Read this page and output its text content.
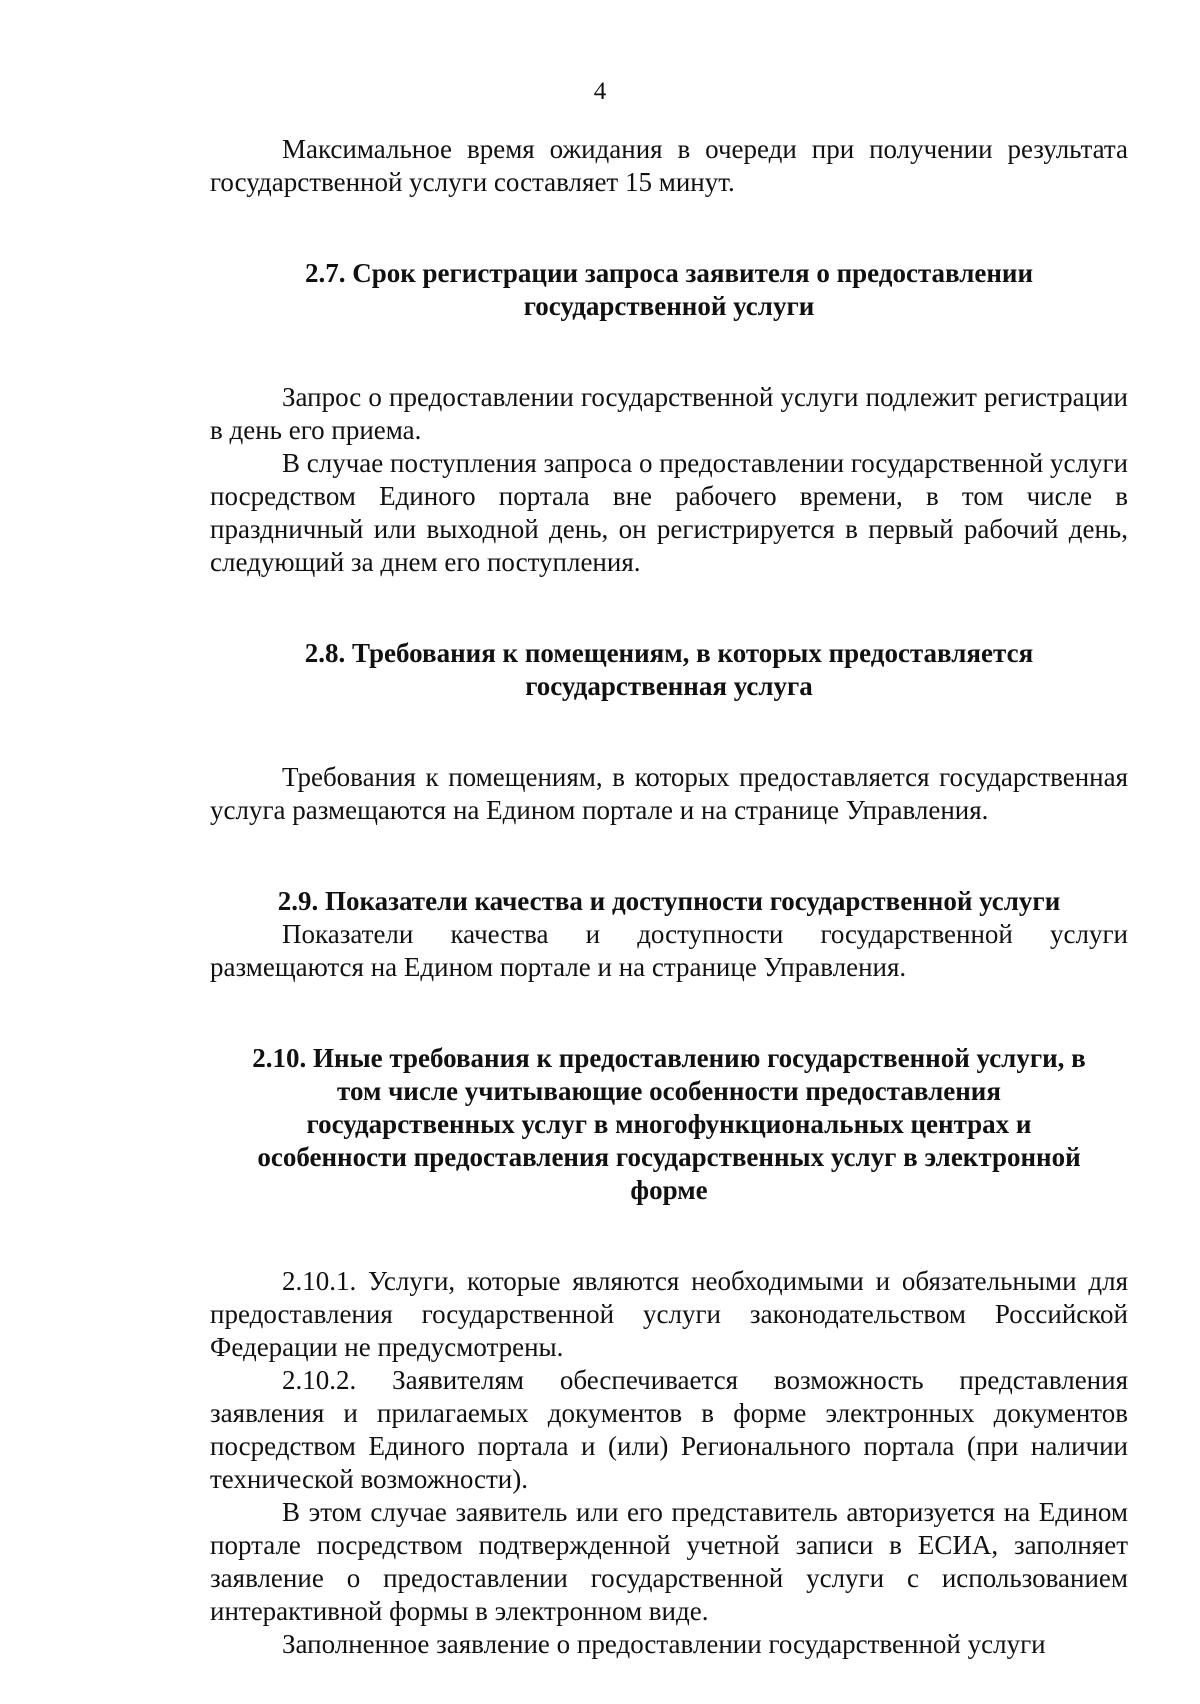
4

Максимальное время ожидания в очереди при получении результата государственной услуги составляет 15 минут.

2.7. Срок регистрации запроса заявителя о предоставлении
государственной услуги

Запрос о предоставлении государственной услуги подлежит регистрации в день его приема.

В случае поступления запроса о предоставлении государственной услуги посредством Единого портала вне рабочего времени, в том числе в праздничный или выходной день, он регистрируется в первый рабочий день, следующий за днем его поступления.

2.8. Требования к помещениям, в которых предоставляется
государственная услуга

Требования к помещениям, в которых предоставляется государственная услуга размещаются на Едином портале и на странице Управления.

2.9. Показатели качества и доступности государственной услуги

Показатели качества и доступности государственной услуги размещаются на Едином портале и на странице Управления.

2.10. Иные требования к предоставлению государственной услуги, в
том числе учитывающие особенности предоставления
государственных услуг в многофункциональных центрах и
особенности предоставления государственных услуг в электронной
форме

2.10.1. Услуги, которые являются необходимыми и обязательными для предоставления государственной услуги законодательством Российской Федерации не предусмотрены.

2.10.2. Заявителям обеспечивается возможность представления заявления и прилагаемых документов в форме электронных документов посредством Единого портала и (или) Регионального портала (при наличии технической возможности).

В этом случае заявитель или его представитель авторизуется на Едином портале посредством подтвержденной учетной записи в ЕСИА, заполняет заявление о предоставлении государственной услуги с использованием интерактивной формы в электронном виде.

Заполненное заявление о предоставлении государственной услуги
